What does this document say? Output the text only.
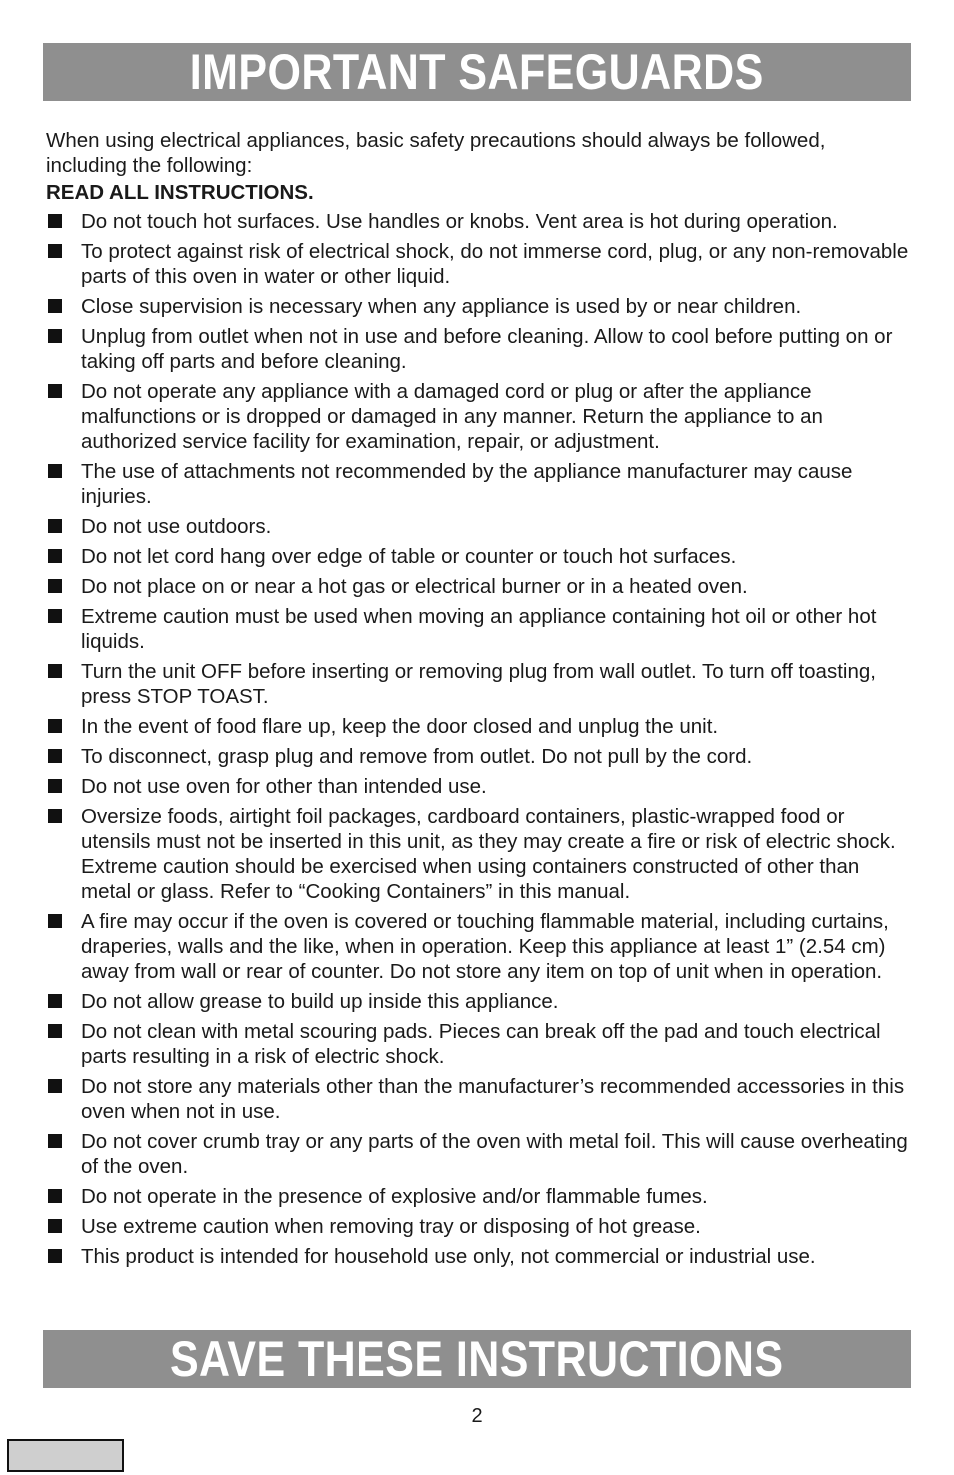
IMPORTANT SAFEGUARDS

When using electrical appliances, basic safety precautions should always be followed, including the following:

READ ALL INSTRUCTIONS.

Do not touch hot surfaces. Use handles or knobs. Vent area is hot during operation.
To protect against risk of electrical shock, do not immerse cord, plug, or any non-removable parts of this oven in water or other liquid.
Close supervision is necessary when any appliance is used by or near children.
Unplug from outlet when not in use and before cleaning. Allow to cool before putting on or taking off parts and before cleaning.
Do not operate any appliance with a damaged cord or plug or after the appliance malfunctions or is dropped or damaged in any manner. Return the appliance to an authorized service facility for examination, repair, or adjustment.
The use of attachments not recommended by the appliance manufacturer may cause injuries.
Do not use outdoors.
Do not let cord hang over edge of table or counter or touch hot surfaces.
Do not place on or near a hot gas or electrical burner or in a heated oven.
Extreme caution must be used when moving an appliance containing hot oil or other hot liquids.
Turn the unit OFF before inserting or removing plug from wall outlet. To turn off toasting, press STOP TOAST.
In the event of food flare up, keep the door closed and unplug the unit.
To disconnect, grasp plug and remove from outlet. Do not pull by the cord.
Do not use oven for other than intended use.
Oversize foods, airtight foil packages, cardboard containers, plastic-wrapped food or utensils must not be inserted in this unit, as they may create a fire or risk of electric shock. Extreme caution should be exercised when using containers constructed of other than metal or glass. Refer to “Cooking Containers” in this manual.
A fire may occur if the oven is covered or touching flammable material, including curtains, draperies, walls and the like, when in operation. Keep this appliance at least 1” (2.54 cm) away from wall or rear of counter. Do not store any item on top of unit when in operation.
Do not allow grease to build up inside this appliance.
Do not clean with metal scouring pads. Pieces can break off the pad and touch electrical parts resulting in a risk of electric shock.
Do not store any materials other than the manufacturer’s recommended accessories in this oven when not in use.
Do not cover crumb tray or any parts of the oven with metal foil. This will cause overheating of the oven.
Do not operate in the presence of explosive and/or flammable fumes.
Use extreme caution when removing tray or disposing of hot grease.
This product is intended for household use only, not commercial or industrial use.
SAVE THESE INSTRUCTIONS
2
